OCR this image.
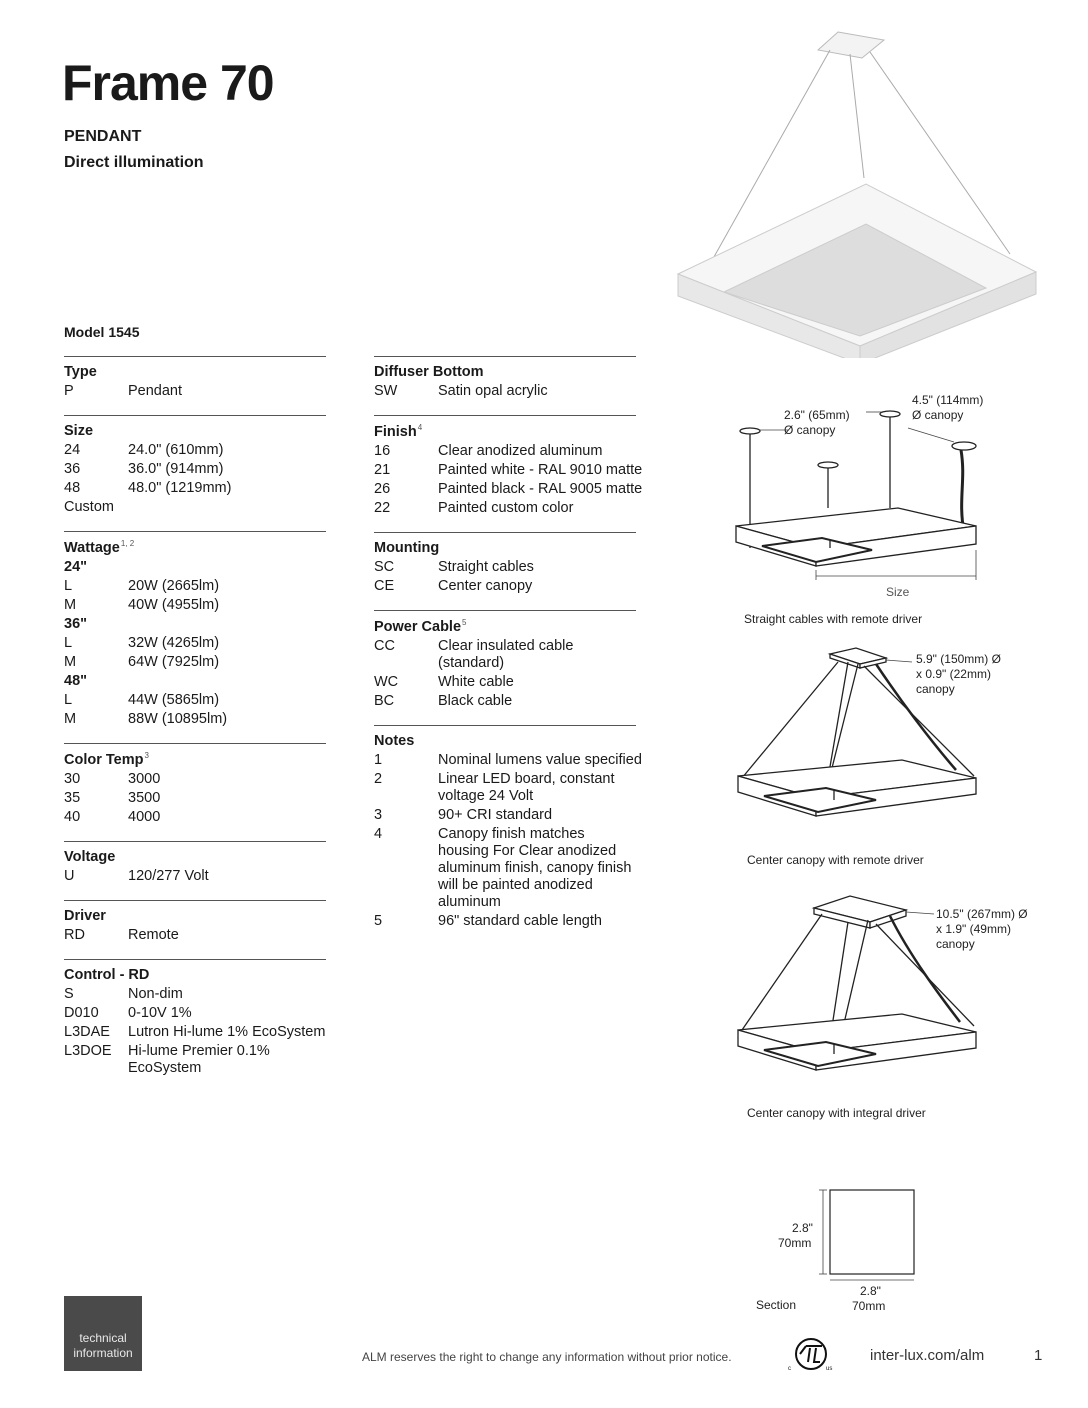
Frame 70
PENDANT
Direct illumination
Model 1545
Type
P	Pendant
Size
24	24.0" (610mm)
36	36.0" (914mm)
48	48.0" (1219mm)
Custom
Wattage$^{1, 2}$
24"
L	20W (2665lm)
M	40W (4955lm)
36"
L	32W (4265lm)
M	64W (7925lm)
48"
L	44W (5865lm)
M	88W (10895lm)
Color Temp$^3$
30	3000
35	3500
40	4000
Voltage
U	120/277 Volt
Driver
RD	Remote
Control - RD
S	Non-dim
D010	0-10V 1%
L3DAE	Lutron Hi-lume 1% EcoSystem
L3DOE	Hi-lume Premier 0.1% EcoSystem
Diffuser Bottom
SW	Satin opal acrylic
Finish$^4$
16	Clear anodized aluminum
21	Painted white - RAL 9010 matte
26	Painted black - RAL 9005 matte
22	Painted custom color
Mounting
SC	Straight cables
CE	Center canopy
Power Cable$^5$
CC	Clear insulated cable (standard)
WC	White cable
BC	Black cable
Notes
1	Nominal lumens value specified
2	Linear LED board, constant voltage 24 Volt
3	90+ CRI standard
4	Canopy finish matches housing For Clear anodized aluminum finish, canopy finish will be painted anodized aluminum
5	96" standard cable length
2.6" (65mm)
Ø canopy
4.5" (114mm)
Ø canopy
Size
Straight cables with remote driver
5.9" (150mm) Ø
x 0.9" (22mm)
canopy
Center canopy with remote driver
10.5" (267mm) Ø
x 1.9" (49mm)
canopy
Center canopy with integral driver
2.8"
70mm
2.8"
70mm
Section
technical
information	ALM reserves the right to change any information without prior notice.
c	us
inter-lux.com/alm	1
